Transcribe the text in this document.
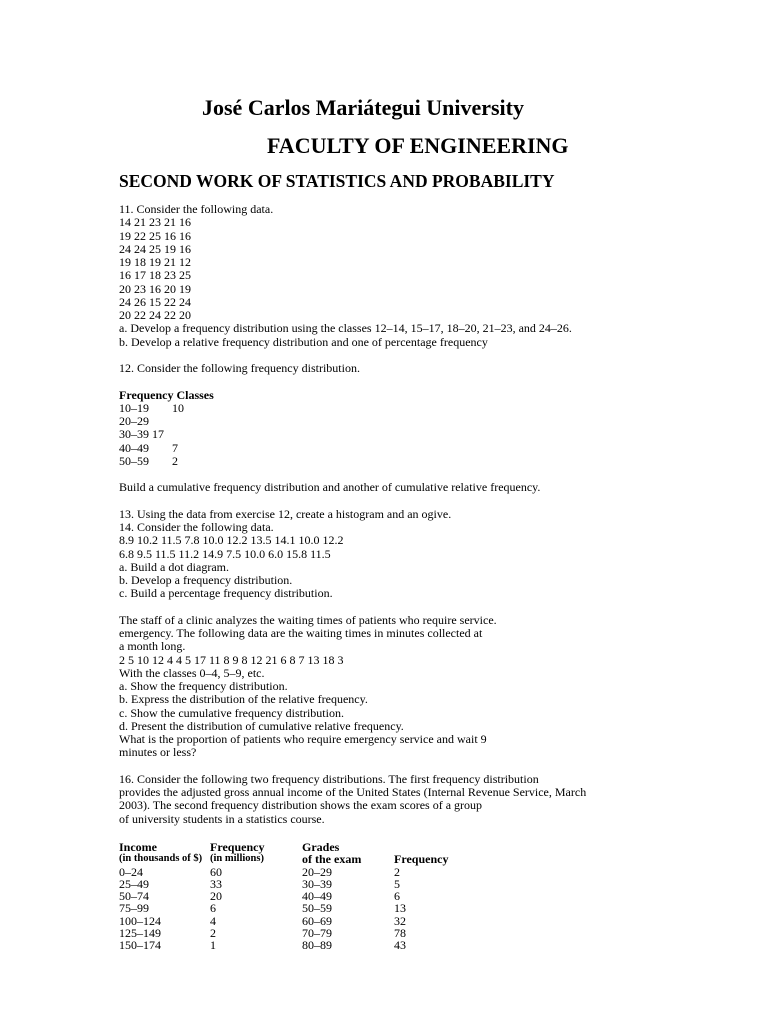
José Carlos Mariátegui University
FACULTY OF ENGINEERING
SECOND WORK OF STATISTICS AND PROBABILITY

11. Consider the following data.

14 21 23 21 16

19 22 25 16 16

24 24 25 19 16

19 18 19 21 12

16 17 18 23 25

20 23 16 20 19

24 26 15 22 24

20 22 24 22 20

a. Develop a frequency distribution using the classes 12–14, 15–17, 18–20, 21–23, and 24–26.

b. Develop a relative frequency distribution and one of percentage frequency

12. Consider the following frequency distribution.

Frequency Classes

10–19 10

20–29

30–39 17

40–49 7

50–59 2

Build a cumulative frequency distribution and another of cumulative relative frequency.

13. Using the data from exercise 12, create a histogram and an ogive.

14. Consider the following data.

8.9 10.2 11.5 7.8 10.0 12.2 13.5 14.1 10.0 12.2

6.8 9.5 11.5 11.2 14.9 7.5 10.0 6.0 15.8 11.5

a. Build a dot diagram.

b. Develop a frequency distribution.

c. Build a percentage frequency distribution.

The staff of a clinic analyzes the waiting times of patients who require service.

emergency. The following data are the waiting times in minutes collected at

a month long.

2 5 10 12 4 4 5 17 11 8 9 8 12 21 6 8 7 13 18 3

With the classes 0–4, 5–9, etc.

a. Show the frequency distribution.

b. Express the distribution of the relative frequency.

c. Show the cumulative frequency distribution.

d. Present the distribution of cumulative relative frequency.

What is the proportion of patients who require emergency service and wait 9

minutes or less?

16. Consider the following two frequency distributions. The first frequency distribution

provides the adjusted gross annual income of the United States (Internal Revenue Service, March

2003). The second frequency distribution shows the exam scores of a group

of university students in a statistics course.

Income	Frequency	Grades	
(in thousands of $)	(in millions)	of the exam	Frequency
0–24	60	20–29	2
25–49	33	30–39	5
50–74	20	40–49	6
75–99	6	50–59	13
100–124	4	60–69	32
125–149	2	70–79	78
150–174	1	80–89	43
